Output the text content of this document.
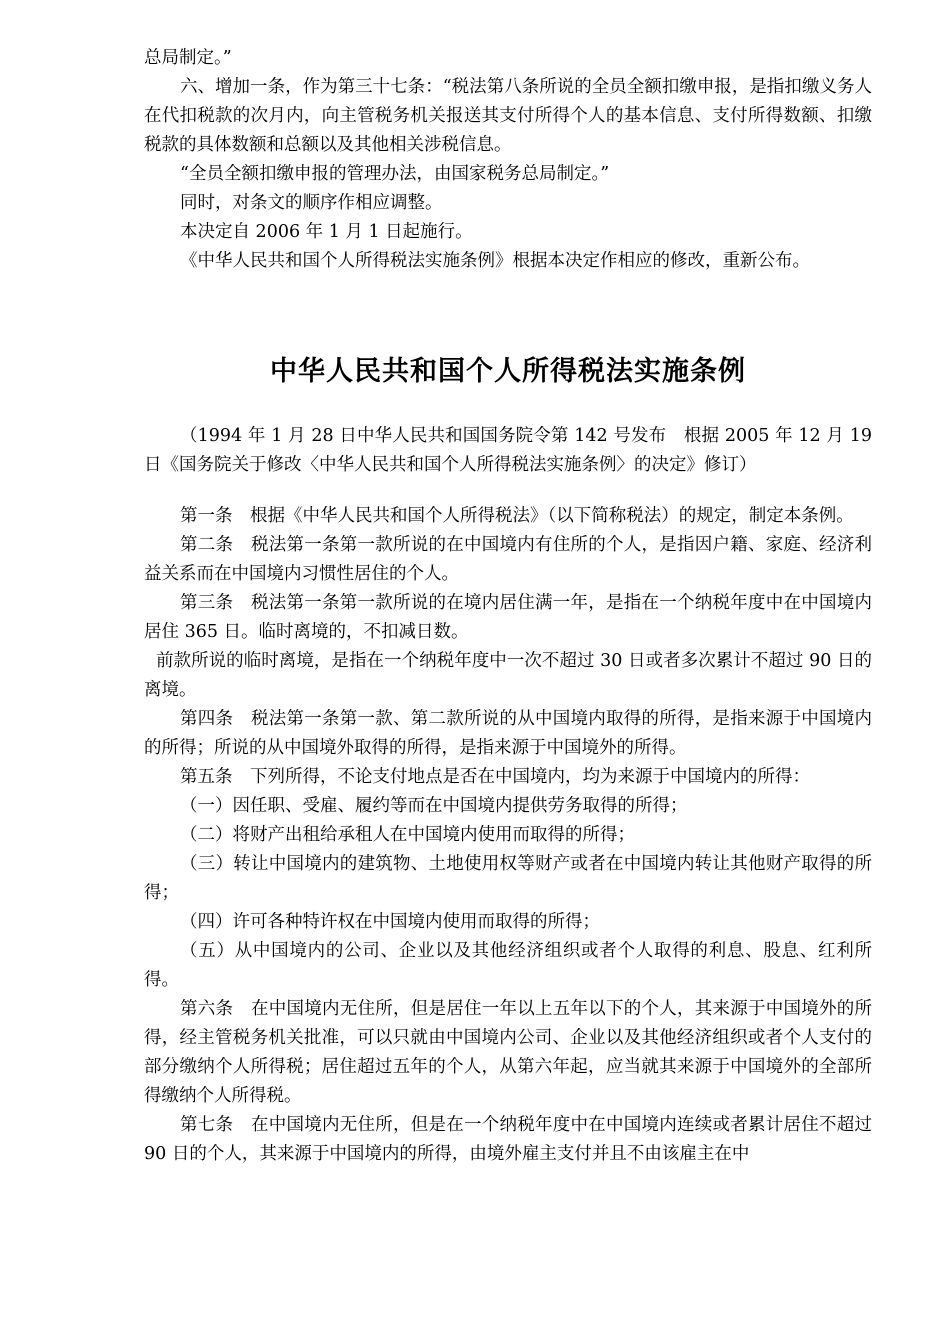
总局制定。”

六、增加一条，作为第三十七条：“税法第八条所说的全员全额扣缴申报，是指扣缴义务人在代扣税款的次月内，向主管税务机关报送其支付所得个人的基本信息、支付所得数额、扣缴税款的具体数额和总额以及其他相关涉税信息。

“全员全额扣缴申报的管理办法，由国家税务总局制定。”

同时，对条文的顺序作相应调整。

本决定自 2006 年 1 月 1 日起施行。

《中华人民共和国个人所得税法实施条例》根据本决定作相应的修改，重新公布。

中华人民共和国个人所得税法实施条例

（1994 年 1 月 28 日中华人民共和国国务院令第 142 号发布　根据 2005 年 12 月 19 日《国务院关于修改〈中华人民共和国个人所得税法实施条例〉的决定》修订）

第一条　根据《中华人民共和国个人所得税法》（以下简称税法）的规定，制定本条例。

第二条　税法第一条第一款所说的在中国境内有住所的个人，是指因户籍、家庭、经济利益关系而在中国境内习惯性居住的个人。

第三条　税法第一条第一款所说的在境内居住满一年，是指在一个纳税年度中在中国境内居住 365 日。临时离境的，不扣减日数。

前款所说的临时离境，是指在一个纳税年度中一次不超过 30 日或者多次累计不超过 90 日的离境。

第四条　税法第一条第一款、第二款所说的从中国境内取得的所得，是指来源于中国境内的所得；所说的从中国境外取得的所得，是指来源于中国境外的所得。

第五条　下列所得，不论支付地点是否在中国境内，均为来源于中国境内的所得：

（一）因任职、受雇、履约等而在中国境内提供劳务取得的所得；

（二）将财产出租给承租人在中国境内使用而取得的所得；

（三）转让中国境内的建筑物、土地使用权等财产或者在中国境内转让其他财产取得的所得；

（四）许可各种特许权在中国境内使用而取得的所得；

（五）从中国境内的公司、企业以及其他经济组织或者个人取得的利息、股息、红利所得。

第六条　在中国境内无住所，但是居住一年以上五年以下的个人，其来源于中国境外的所得，经主管税务机关批准，可以只就由中国境内公司、企业以及其他经济组织或者个人支付的部分缴纳个人所得税；居住超过五年的个人，从第六年起，应当就其来源于中国境外的全部所得缴纳个人所得税。

第七条　在中国境内无住所，但是在一个纳税年度中在中国境内连续或者累计居住不超过 90 日的个人，其来源于中国境内的所得，由境外雇主支付并且不由该雇主在中
